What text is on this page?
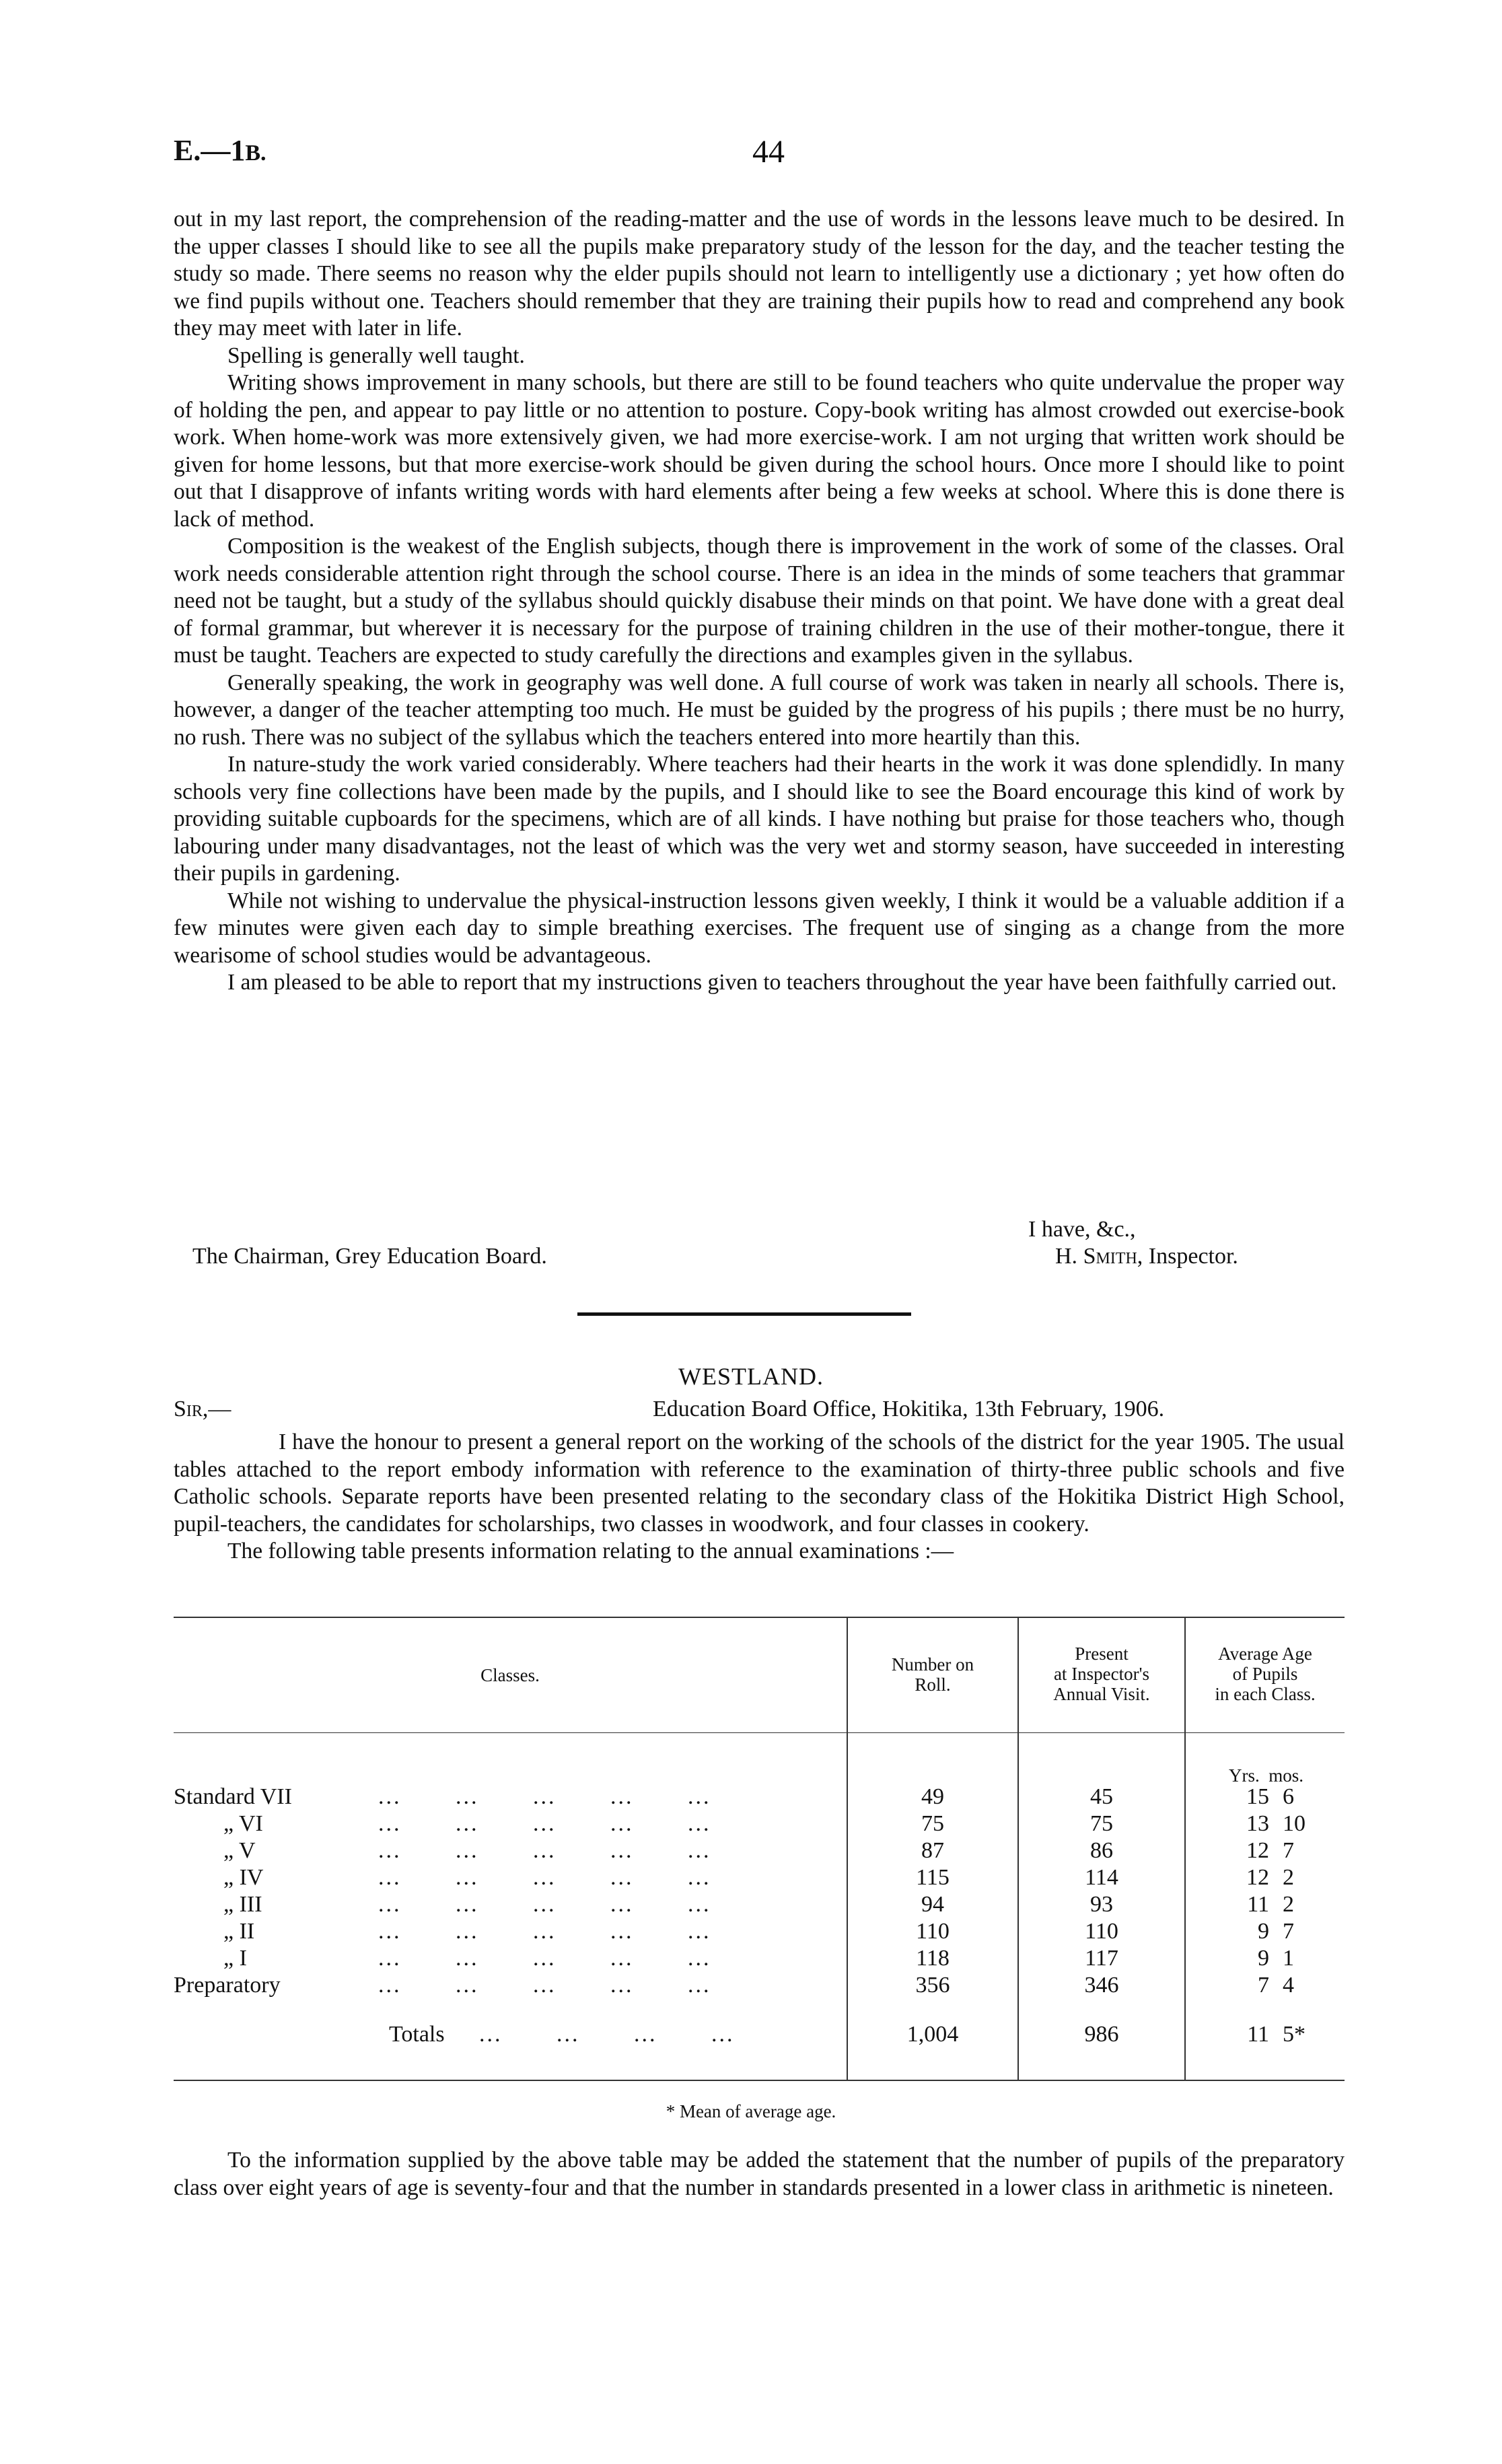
E.—1B.	44

out in my last report, the comprehension of the reading-matter and the use of words in the lessons leave much to be desired. In the upper classes I should like to see all the pupils make preparatory study of the lesson for the day, and the teacher testing the study so made. There seems no reason why the elder pupils should not learn to intelligently use a dictionary ; yet how often do we find pupils without one. Teachers should remember that they are training their pupils how to read and comprehend any book they may meet with later in life.

Spelling is generally well taught.

Writing shows improvement in many schools, but there are still to be found teachers who quite undervalue the proper way of holding the pen, and appear to pay little or no attention to posture. Copy-book writing has almost crowded out exercise-book work. When home-work was more extensively given, we had more exercise-work. I am not urging that written work should be given for home lessons, but that more exercise-work should be given during the school hours. Once more I should like to point out that I disapprove of infants writing words with hard elements after being a few weeks at school. Where this is done there is lack of method.

Composition is the weakest of the English subjects, though there is improvement in the work of some of the classes. Oral work needs considerable attention right through the school course. There is an idea in the minds of some teachers that grammar need not be taught, but a study of the syllabus should quickly disabuse their minds on that point. We have done with a great deal of formal grammar, but wherever it is necessary for the purpose of training children in the use of their mother-tongue, there it must be taught. Teachers are expected to study carefully the directions and examples given in the syllabus.

Generally speaking, the work in geography was well done. A full course of work was taken in nearly all schools. There is, however, a danger of the teacher attempting too much. He must be guided by the progress of his pupils ; there must be no hurry, no rush. There was no subject of the syllabus which the teachers entered into more heartily than this.

In nature-study the work varied considerably. Where teachers had their hearts in the work it was done splendidly. In many schools very fine collections have been made by the pupils, and I should like to see the Board encourage this kind of work by providing suitable cupboards for the specimens, which are of all kinds. I have nothing but praise for those teachers who, though labouring under many disadvantages, not the least of which was the very wet and stormy season, have succeeded in interesting their pupils in gardening.

While not wishing to undervalue the physical-instruction lessons given weekly, I think it would be a valuable addition if a few minutes were given each day to simple breathing exercises. The frequent use of singing as a change from the more wearisome of school studies would be advantageous.

I am pleased to be able to report that my instructions given to teachers throughout the year have been faithfully carried out.

I have, &c.,
The Chairman, Grey Education Board.	H. Smith, Inspector.
WESTLAND.
Sir,—	Education Board Office, Hokitika, 13th February, 1906.

I have the honour to present a general report on the working of the schools of the district for the year 1905. The usual tables attached to the report embody information with reference to the examination of thirty-three public schools and five Catholic schools. Separate reports have been presented relating to the secondary class of the Hokitika District High School, pupil-teachers, the candidates for scholarships, two classes in woodwork, and four classes in cookery.

The following table presents information relating to the annual examinations :—

Classes.
Number on
Roll.
Present
at Inspector's
Annual Visit.
Average Age
of Pupils
in each Class.
Yrs. mos.
Standard VII	...       ...       ...       ...       ...	49	45	15 6
„ VI	...       ...       ...       ...       ...	75	75	13 10
„ V	...       ...       ...       ...       ...	87	86	12 7
„ IV	...       ...       ...       ...       ...	115	114	12 2
„ III	...       ...       ...       ...       ...	94	93	11 2
„ II	...       ...       ...       ...       ...	110	110	9 7
„ I	...       ...       ...       ...       ...	118	117	9 1
Preparatory	...       ...       ...       ...       ...	356	346	7 4
Totals ...       ...       ...       ...	1,004	986	11 5*
* Mean of average age.

To the information supplied by the above table may be added the statement that the number of pupils of the preparatory class over eight years of age is seventy-four and that the number in standards presented in a lower class in arithmetic is nineteen.
